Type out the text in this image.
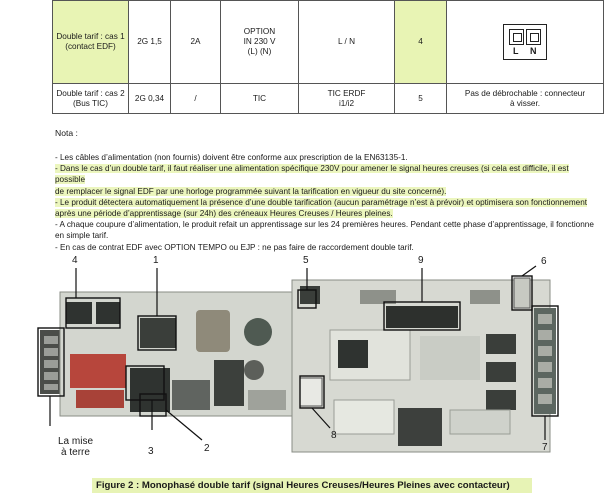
Double tarif : cas 1
(contact EDF)	2G 1,5	2A	OPTION
IN 230 V
(L) (N)	L / N	4	L N

Double tarif : cas 2
(Bus TIC)	2G 0,34	/	TIC	TIC ERDF
i1/i2	5	Pas de débrochable : connecteur
à visser.
Nota :

- Les câbles d’alimentation (non fournis) doivent être conforme aux prescription de la EN63135-1.

- Dans le cas d’un double tarif, il faut réaliser une alimentation spécifique 230V pour amener le signal heures creuses (si cela est difficile, il est possible

de remplacer le signal EDF par une horloge programmée suivant la tarification en vigueur du site concerné).

- Le produit détectera automatiquement la présence d’une double tarification (aucun paramétrage n’est à prévoir) et optimisera son fonctionnement

après une période d’apprentissage (sur 24h) des créneaux Heures Creuses / Heures pleines.

- A chaque coupure d’alimentation, le produit refait un apprentissage sur les 24 premières heures. Pendant cette phase d’apprentissage, il fonctionne

en simple tarif.

- En cas de contrat EDF avec OPTION TEMPO ou EJP : ne pas faire de raccordement double tarif.

4	1	5	9	6
7
8
2
3
La mise
à terre
Figure 2 : Monophasé double tarif (signal Heures Creuses/Heures Pleines avec contacteur)
